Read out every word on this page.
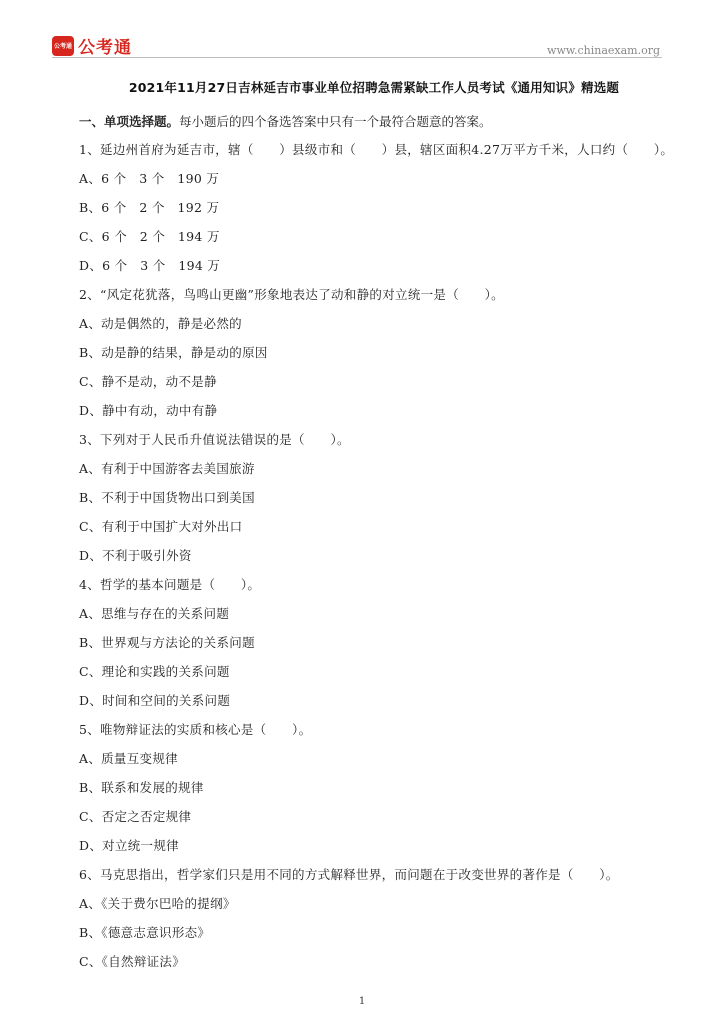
公考通 公考通	www.chinaexam.org
2021年11月27日吉林延吉市事业单位招聘急需紧缺工作人员考试《通用知识》精选题
一、单项选择题。每小题后的四个备选答案中只有一个最符合题意的答案。
1、延边州首府为延吉市，辖（　　）县级市和（　　）县，辖区面积4.27万平方千米，人口约（　　）。
A、6 个　3 个　190 万
B、6 个　2 个　192 万
C、6 个　2 个　194 万
D、6 个　3 个　194 万
2、“风定花犹落，鸟鸣山更幽”形象地表达了动和静的对立统一是（　　）。
A、动是偶然的，静是必然的
B、动是静的结果，静是动的原因
C、静不是动，动不是静
D、静中有动，动中有静
3、下列对于人民币升值说法错误的是（　　）。
A、有利于中国游客去美国旅游
B、不利于中国货物出口到美国
C、有利于中国扩大对外出口
D、不利于吸引外资
4、哲学的基本问题是（　　）。
A、思维与存在的关系问题
B、世界观与方法论的关系问题
C、理论和实践的关系问题
D、时间和空间的关系问题
5、唯物辩证法的实质和核心是（　　）。
A、质量互变规律
B、联系和发展的规律
C、否定之否定规律
D、对立统一规律
6、马克思指出，哲学家们只是用不同的方式解释世界，而问题在于改变世界的著作是（　　）。
A、《关于费尔巴哈的提纲》
B、《德意志意识形态》
C、《自然辩证法》
1
